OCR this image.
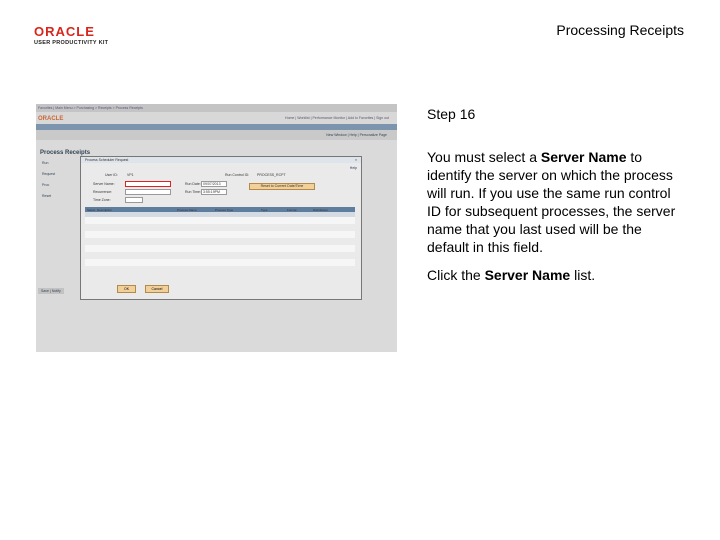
ORACLE
USER PRODUCTIVITY KIT
Processing Receipts
Favorites | Main Menu > Purchasing > Receipts > Process Receipts
ORACLE	Home | Worklist | Performance Monitor | Add to Favorites | Sign out
New Window | Help | Personalize Page
Process Receipts
Run
Request
Proc
Reset
Save | Notify
Process Scheduler Request	×
Help
User ID:	VP1	Run Control ID: PROCESS_RCPT
Server Name:
Recurrence:
Time Zone:
Run Date: 09/07/2013
Run Time: 3:55:19PM
Reset to Current Date/Time
Select Description	Process Name	Process Type	Type	Format	Distribution
OK	Cancel
Step 16
You must select a Server Name to identify the server on which the process will run. If you use the same run control ID for subsequent processes, the server name that you last used will be the default in this field.
Click the Server Name list.
